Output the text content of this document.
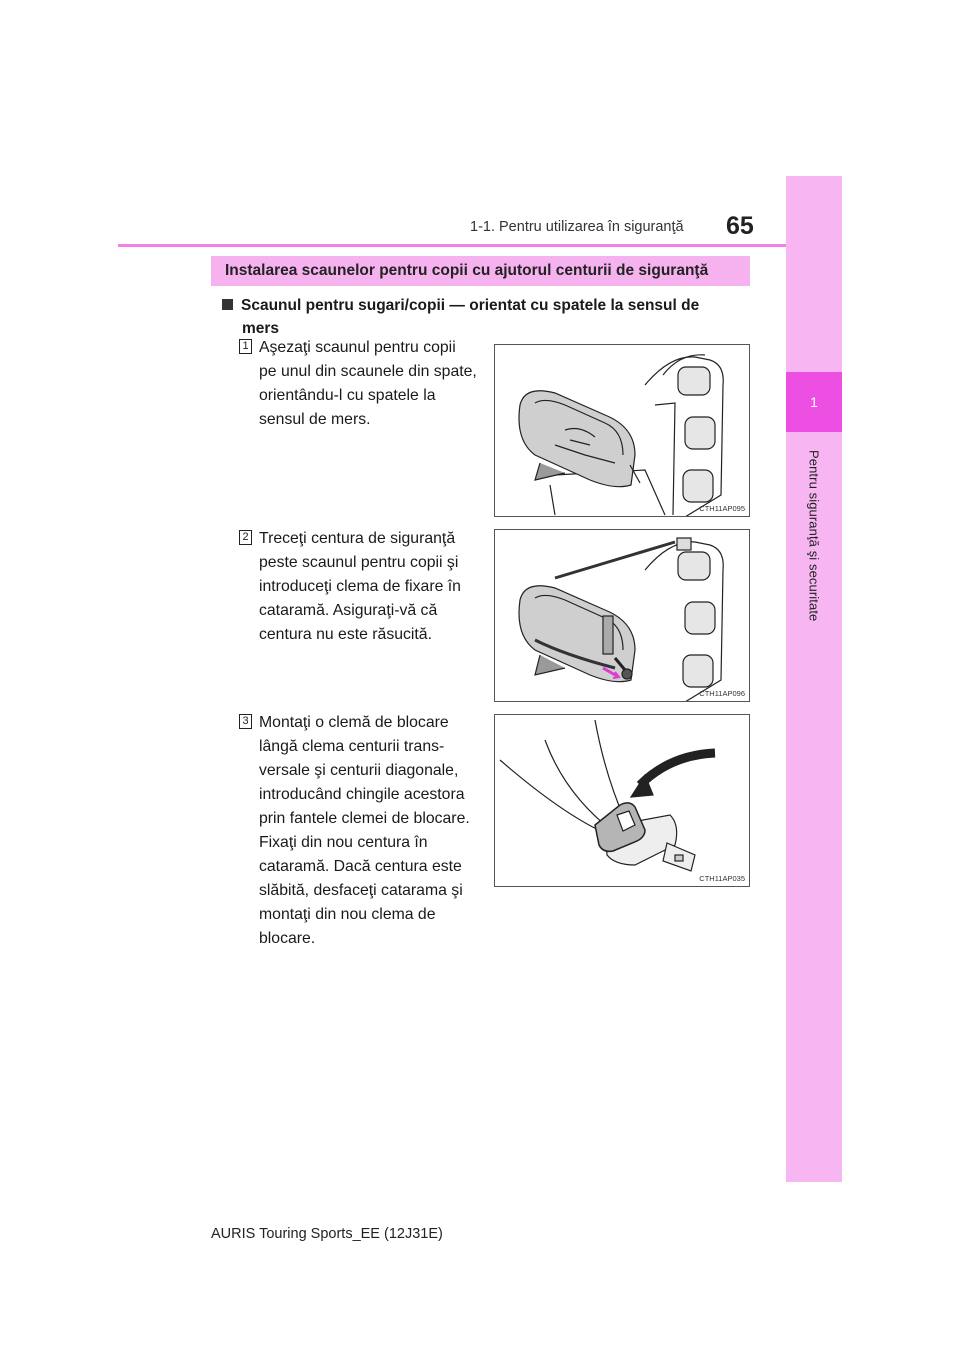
1
Pentru siguranţă şi securitate
1-1. Pentru utilizarea în siguranţă 65
Instalarea scaunelor pentru copii cu ajutorul centurii de siguranţă
Scaunul pentru sugari/copii — orientat cu spatele la sensul de
mers
1 Aşezaţi scaunul pentru copii
pe unul din scaunele din spate,
orientându-l cu spatele la
sensul de mers.
CTH11AP095
2 Treceţi centura de siguranţă
peste scaunul pentru copii şi
introduceţi clema de fixare în
cataramă. Asiguraţi-vă că
centura nu este răsucită.
CTH11AP096
3 Montaţi o clemă de blocare
lângă clema centurii trans-
versale şi centurii diagonale,
introducând chingile acestora
prin fantele clemei de blocare.
Fixaţi din nou centura în
cataramă. Dacă centura este
slăbită, desfaceţi catarama şi
montaţi din nou clema de
blocare.
CTH11AP035
AURIS Touring Sports_EE (12J31E)
